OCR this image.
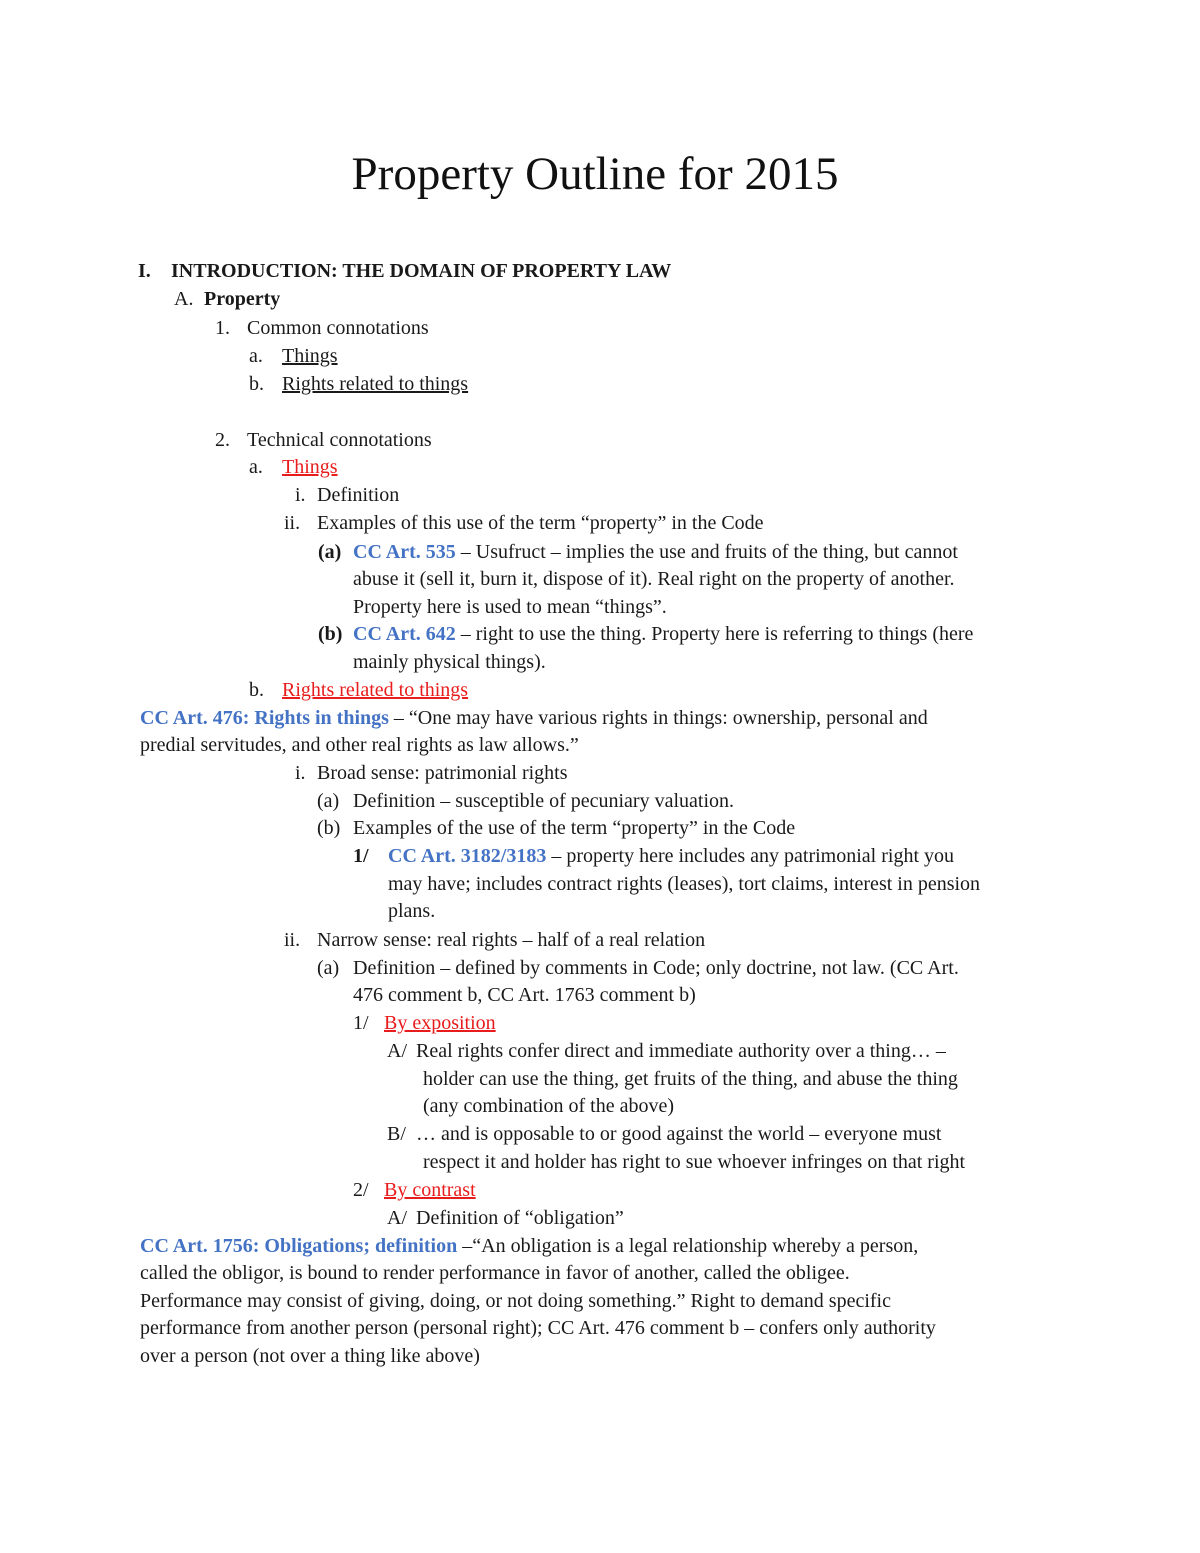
Property Outline for 2015
I. INTRODUCTION: THE DOMAIN OF PROPERTY LAW
A. Property
1. Common connotations
a. Things
b. Rights related to things
2. Technical connotations
a. Things
i. Definition
ii. Examples of this use of the term “property” in the Code
(a) CC Art. 535 – Usufruct – implies the use and fruits of the thing, but cannot
abuse it (sell it, burn it, dispose of it). Real right on the property of another.
Property here is used to mean “things”.
(b) CC Art. 642 – right to use the thing. Property here is referring to things (here
mainly physical things).
b. Rights related to things
CC Art. 476: Rights in things – “One may have various rights in things: ownership, personal and
predial servitudes, and other real rights as law allows.”
i. Broad sense: patrimonial rights
(a) Definition – susceptible of pecuniary valuation.
(b) Examples of the use of the term “property” in the Code
1/ CC Art. 3182/3183 – property here includes any patrimonial right you
may have; includes contract rights (leases), tort claims, interest in pension
plans.
ii. Narrow sense: real rights – half of a real relation
(a) Definition – defined by comments in Code; only doctrine, not law. (CC Art.
476 comment b, CC Art. 1763 comment b)
1/ By exposition
A/ Real rights confer direct and immediate authority over a thing… –
holder can use the thing, get fruits of the thing, and abuse the thing
(any combination of the above)
B/ … and is opposable to or good against the world – everyone must
respect it and holder has right to sue whoever infringes on that right
2/ By contrast
A/ Definition of “obligation”
CC Art. 1756: Obligations; definition –“An obligation is a legal relationship whereby a person,
called the obligor, is bound to render performance in favor of another, called the obligee.
Performance may consist of giving, doing, or not doing something.” Right to demand specific
performance from another person (personal right); CC Art. 476 comment b – confers only authority
over a person (not over a thing like above)
